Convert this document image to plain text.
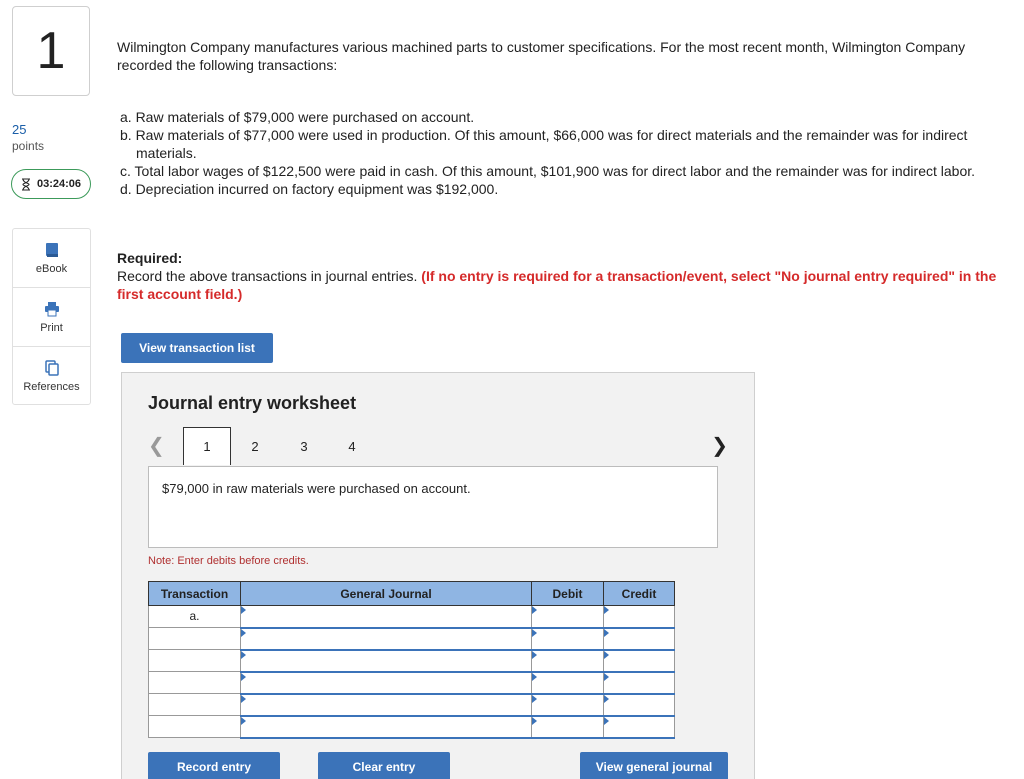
1
25
points
03:24:06
eBook
Print
References
Wilmington Company manufactures various machined parts to customer specifications. For the most recent month, Wilmington Company recorded the following transactions:
a. Raw materials of $79,000 were purchased on account.
b. Raw materials of $77,000 were used in production. Of this amount, $66,000 was for direct materials and the remainder was for indirect materials.
c. Total labor wages of $122,500 were paid in cash. Of this amount, $101,900 was for direct labor and the remainder was for indirect labor.
d. Depreciation incurred on factory equipment was $192,000.
Required:
Record the above transactions in journal entries. (If no entry is required for a transaction/event, select "No journal entry required" in the first account field.)
View transaction list
Journal entry worksheet
❮	1	2	3	4	❯
$79,000 in raw materials were purchased on account.
Note: Enter debits before credits.
Transaction	General Journal	Debit	Credit
a.	

Record entry	Clear entry	View general journal
